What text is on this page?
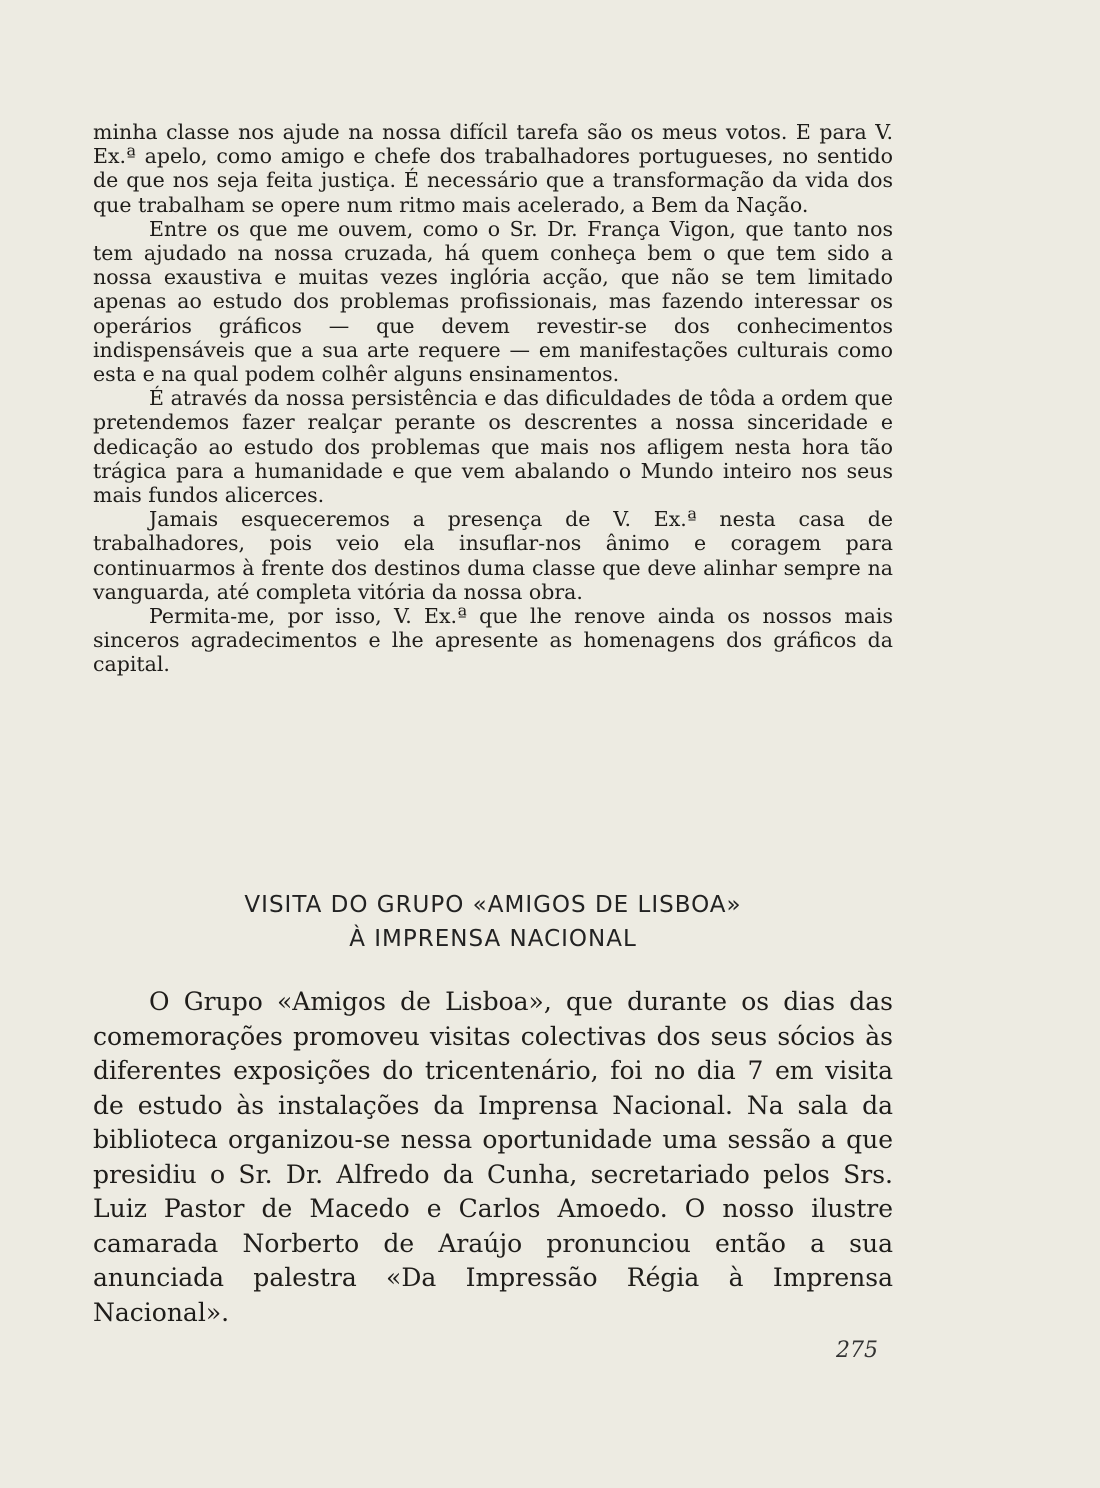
minha classe nos ajude na nossa difícil tarefa são os meus votos. E para V. Ex.ª apelo, como amigo e chefe dos trabalhadores portugueses, no sentido de que nos seja feita justiça. É necessário que a transformação da vida dos que trabalham se opere num ritmo mais acelerado, a Bem da Nação.

Entre os que me ouvem, como o Sr. Dr. França Vigon, que tanto nos tem ajudado na nossa cruzada, há quem conheça bem o que tem sido a nossa exaustiva e muitas vezes inglória acção, que não se tem limitado apenas ao estudo dos problemas profissionais, mas fazendo interessar os operários gráficos — que devem revestir-se dos conhecimentos indispensáveis que a sua arte requere — em manifestações culturais como esta e na qual podem colhêr alguns ensinamentos.

É através da nossa persistência e das dificuldades de tôda a ordem que pretendemos fazer realçar perante os descrentes a nossa sinceridade e dedicação ao estudo dos problemas que mais nos afligem nesta hora tão trágica para a humanidade e que vem abalando o Mundo inteiro nos seus mais fundos alicerces.

Jamais esqueceremos a presença de V. Ex.ª nesta casa de trabalhadores, pois veio ela insuflar-nos ânimo e coragem para continuarmos à frente dos destinos duma classe que deve alinhar sempre na vanguarda, até completa vitória da nossa obra.

Permita-me, por isso, V. Ex.ª que lhe renove ainda os nossos mais sinceros agradecimentos e lhe apresente as homenagens dos gráficos da capital.

VISITA DO GRUPO «AMIGOS DE LISBOA»
À IMPRENSA NACIONAL

O Grupo «Amigos de Lisboa», que durante os dias das comemorações promoveu visitas colectivas dos seus sócios às diferentes exposições do tricentenário, foi no dia 7 em visita de estudo às instalações da Imprensa Nacional. Na sala da biblioteca organizou-se nessa oportunidade uma sessão a que presidiu o Sr. Dr. Alfredo da Cunha, secretariado pelos Srs. Luiz Pastor de Macedo e Carlos Amoedo. O nosso ilustre camarada Norberto de Araújo pronunciou então a sua anunciada palestra «Da Impressão Régia à Imprensa Nacional».

275
